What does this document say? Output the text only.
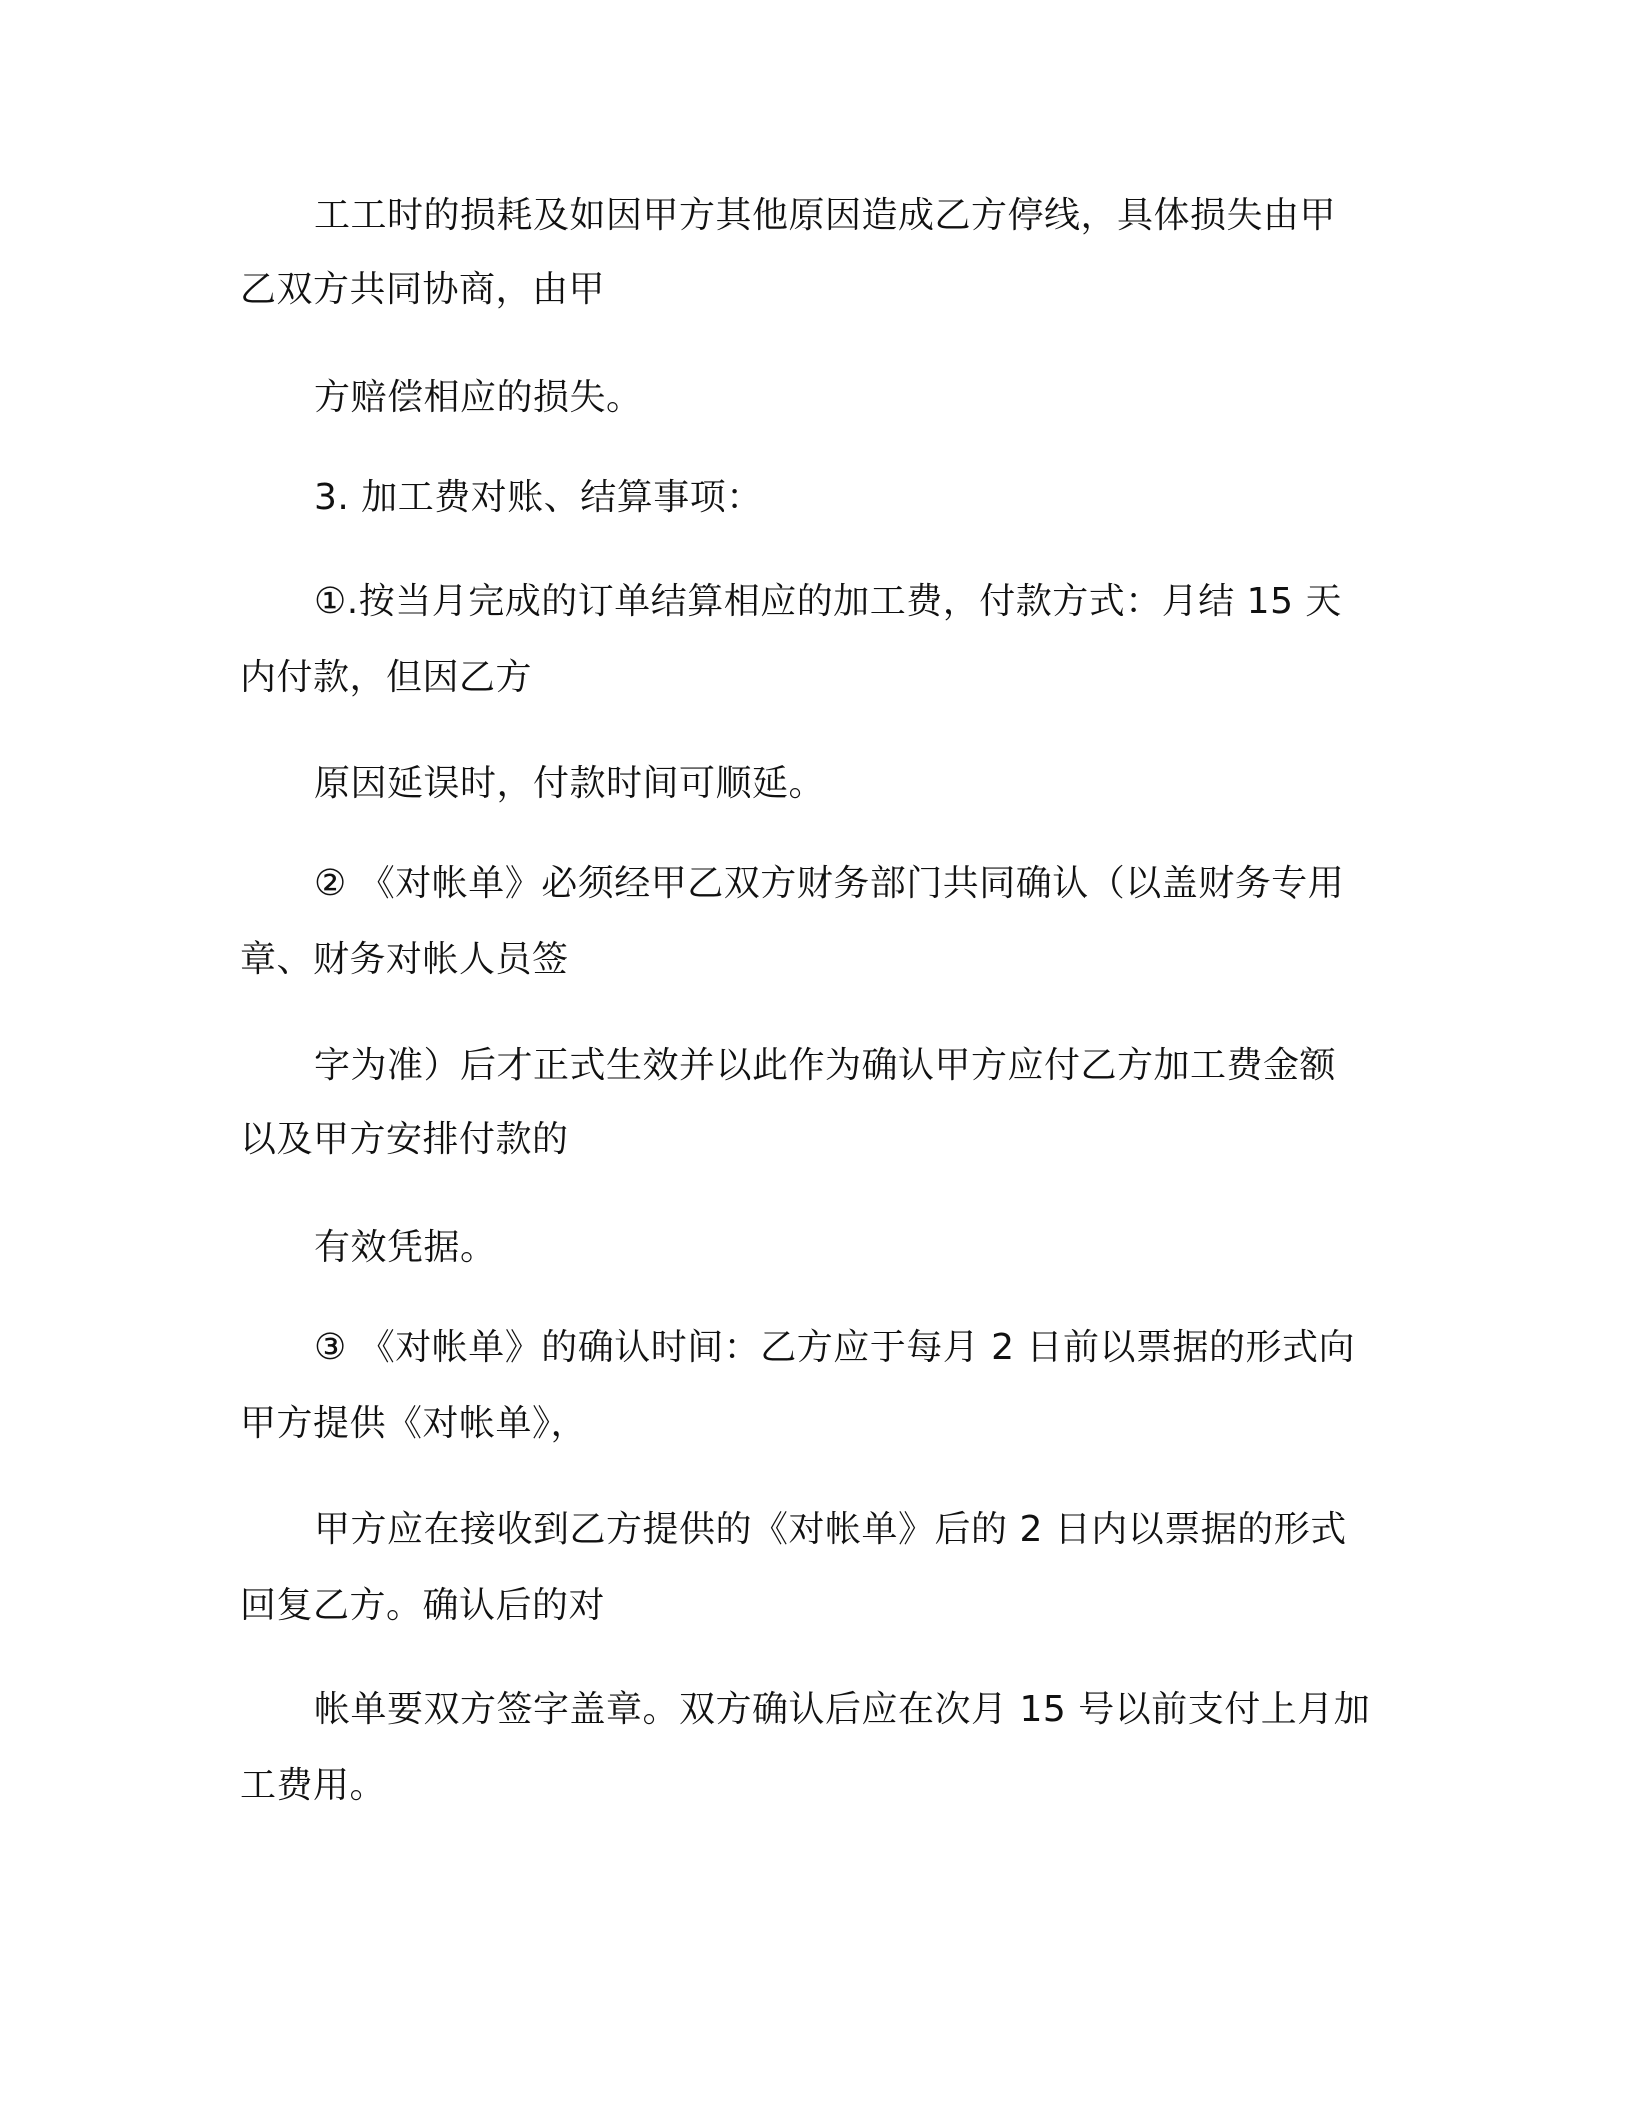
工工时的损耗及如因甲方其他原因造成乙方停线，具体损失由甲
乙双方共同协商，由甲
方赔偿相应的损失。
3. 加工费对账、结算事项：
①.按当月完成的订单结算相应的加工费，付款方式：月结 15 天
内付款，但因乙方
原因延误时，付款时间可顺延。
② 《对帐单》必须经甲乙双方财务部门共同确认（以盖财务专用
章、财务对帐人员签
字为准）后才正式生效并以此作为确认甲方应付乙方加工费金额
以及甲方安排付款的
有效凭据。
③ 《对帐单》的确认时间：乙方应于每月 2 日前以票据的形式向
甲方提供《对帐单》，
甲方应在接收到乙方提供的《对帐单》后的 2 日内以票据的形式
回复乙方。确认后的对
帐单要双方签字盖章。双方确认后应在次月 15 号以前支付上月加
工费用。
